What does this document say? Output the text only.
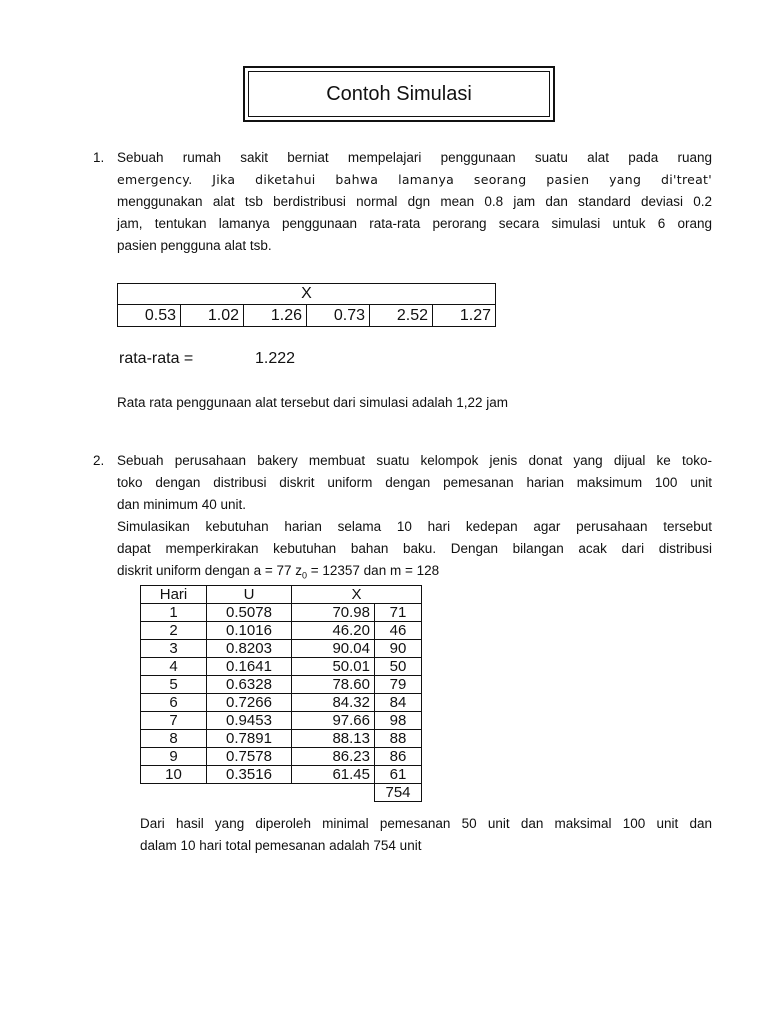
Contoh Simulasi
1. Sebuah rumah sakit berniat mempelajari penggunaan suatu alat pada ruang
emergency. Jika diketahui bahwa lamanya seorang pasien yang di'treat'
menggunakan alat tsb berdistribusi normal dgn mean 0.8 jam dan standard deviasi 0.2
jam, tentukan lamanya penggunaan rata-rata perorang secara simulasi untuk 6 orang
pasien pengguna alat tsb.
X
0.53	1.02	1.26	0.73	2.52	1.27
rata-rata =	1.222
Rata rata penggunaan alat tersebut dari simulasi adalah 1,22 jam
2. Sebuah perusahaan bakery membuat suatu kelompok jenis donat yang dijual ke toko-
toko dengan distribusi diskrit uniform dengan pemesanan harian maksimum 100 unit
dan minimum 40 unit.
Simulasikan kebutuhan harian selama 10 hari kedepan agar perusahaan tersebut
dapat memperkirakan kebutuhan bahan baku. Dengan bilangan acak dari distribusi
diskrit uniform dengan a = 77 $z_0 = 12357$ dan m = 128
Hari	U	X	
1	0.5078	70.98	71
2	0.1016	46.20	46
3	0.8203	90.04	90
4	0.1641	50.01	50
5	0.6328	78.60	79
6	0.7266	84.32	84
7	0.9453	97.66	98
8	0.7891	88.13	88
9	0.7578	86.23	86
10	0.3516	61.45	61
			754
Dari hasil yang diperoleh minimal pemesanan 50 unit dan maksimal 100 unit dan
dalam 10 hari total pemesanan adalah 754 unit
